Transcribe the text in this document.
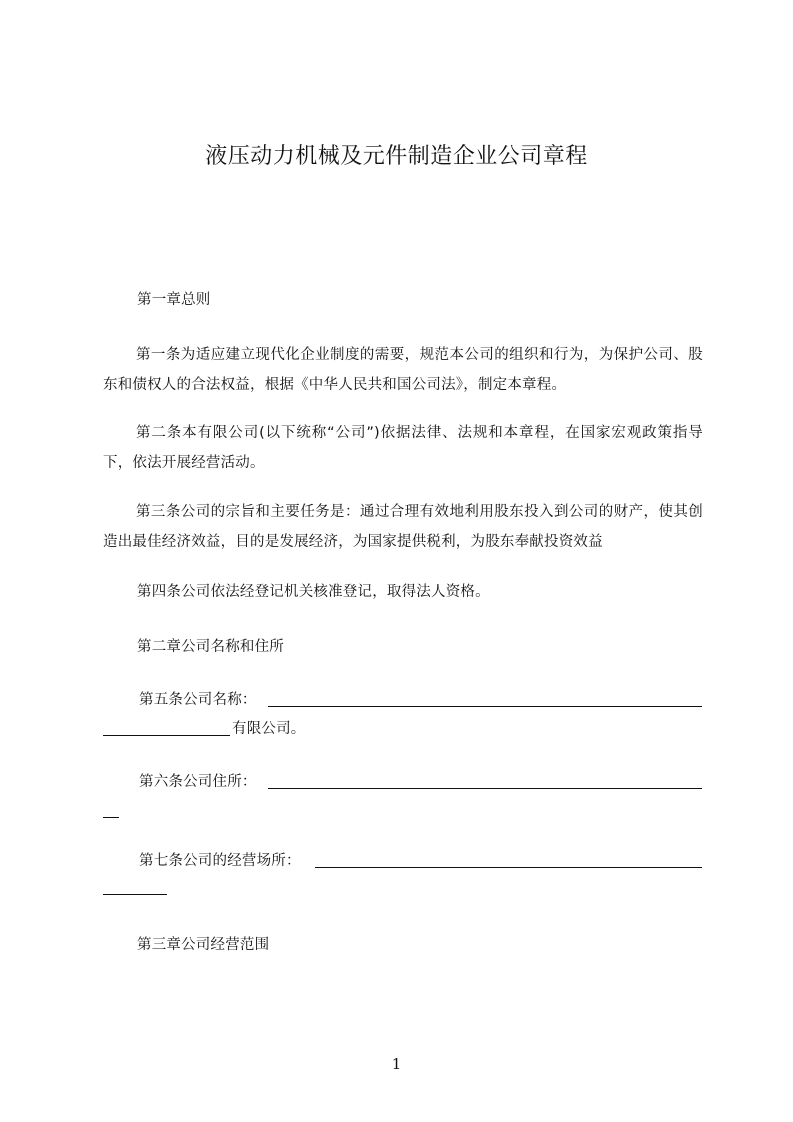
液压动力机械及元件制造企业公司章程
第一章总则
第一条为适应建立现代化企业制度的需要，规范本公司的组织和行为，为保护公司、股东和债权人的合法权益，根据《中华人民共和国公司法》，制定本章程。
第二条本有限公司(以下统称“公司”)依据法律、法规和本章程，在国家宏观政策指导下，依法开展经营活动。
第三条公司的宗旨和主要任务是：通过合理有效地利用股东投入到公司的财产，使其创造出最佳经济效益，目的是发展经济，为国家提供税利，为股东奉献投资效益
第四条公司依法经登记机关核准登记，取得法人资格。
第二章公司名称和住所
第五条公司名称：
有限公司。
第六条公司住所：
第七条公司的经营场所：
第三章公司经营范围
1
